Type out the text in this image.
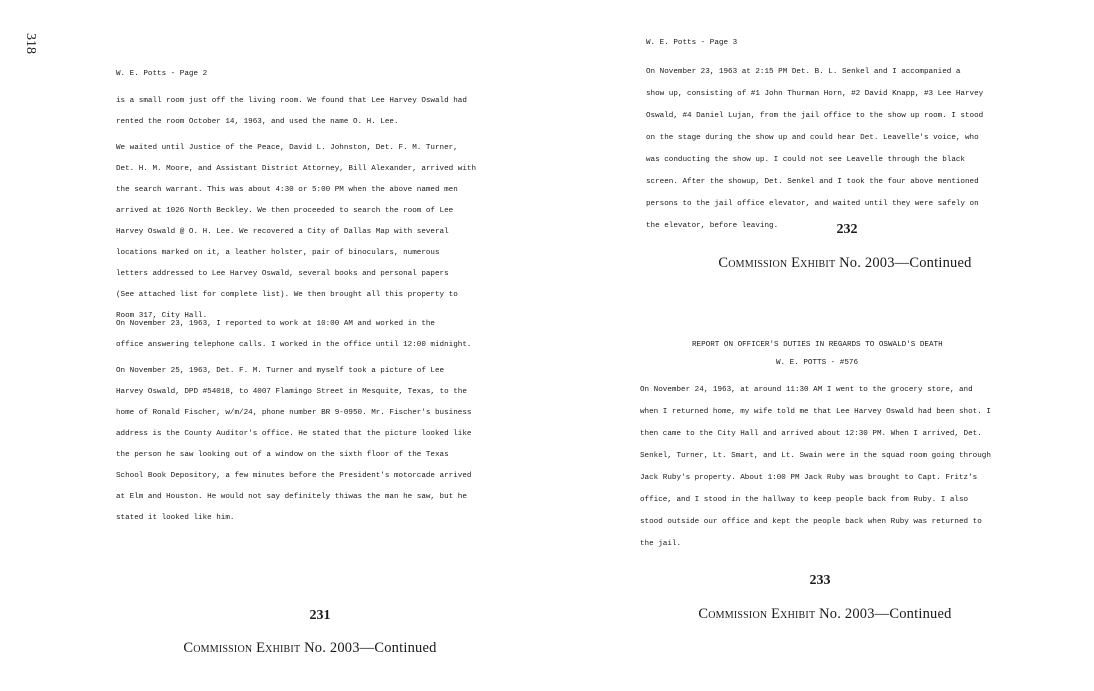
318
W. E. Potts - Page 2
is a small room just off the living room. We found that Lee Harvey Oswald had
rented the room October 14, 1963, and used the name O. H. Lee.
We waited until Justice of the Peace, David L. Johnston, Det. F. M. Turner,
Det. H. M. Moore, and Assistant District Attorney, Bill Alexander, arrived with
the search warrant. This was about 4:30 or 5:00 PM when the above named men
arrived at 1026 North Beckley. We then proceeded to search the room of Lee
Harvey Oswald @ O. H. Lee. We recovered a City of Dallas Map with several
locations marked on it, a leather holster, pair of binoculars, numerous
letters addressed to Lee Harvey Oswald, several books and personal papers
(See attached list for complete list). We then brought all this property to
Room 317, City Hall.
On November 23, 1963, I reported to work at 10:00 AM and worked in the
office answering telephone calls. I worked in the office until 12:00 midnight.
On November 25, 1963, Det. F. M. Turner and myself took a picture of Lee
Harvey Oswald, DPD #54018, to 4007 Flamingo Street in Mesquite, Texas, to the
home of Ronald Fischer, w/m/24, phone number BR 9-0950. Mr. Fischer's business
address is the County Auditor's office. He stated that the picture looked like
the person he saw looking out of a window on the sixth floor of the Texas
School Book Depository, a few minutes before the President's motorcade arrived
at Elm and Houston. He would not say definitely thiwas the man he saw, but he
stated it looked like him.
231
Commission Exhibit No. 2003—Continued
W. E. Potts - Page 3
On November 23, 1963 at 2:15 PM Det. B. L. Senkel and I accompanied a
show up, consisting of #1 John Thurman Horn, #2 David Knapp, #3 Lee Harvey
Oswald, #4 Daniel Lujan, from the jail office to the show up room. I stood
on the stage during the show up and could hear Det. Leavelle's voice, who
was conducting the show up. I could not see Leavelle through the black
screen. After the showup, Det. Senkel and I took the four above mentioned
persons to the jail office elevator, and waited until they were safely on
the elevator, before leaving.	232
Commission Exhibit No. 2003—Continued
REPORT ON OFFICER'S DUTIES IN REGARDS TO OSWALD'S DEATH
W. E. POTTS - #576
On November 24, 1963, at around 11:30 AM I went to the grocery store, and
when I returned home, my wife told me that Lee Harvey Oswald had been shot. I
then came to the City Hall and arrived about 12:30 PM. When I arrived, Det.
Senkel, Turner, Lt. Smart, and Lt. Swain were in the squad room going through
Jack Ruby's property. About 1:00 PM Jack Ruby was brought to Capt. Fritz's
office, and I stood in the hallway to keep people back from Ruby. I also
stood outside our office and kept the people back when Ruby was returned to
the jail.
233
Commission Exhibit No. 2003—Continued
